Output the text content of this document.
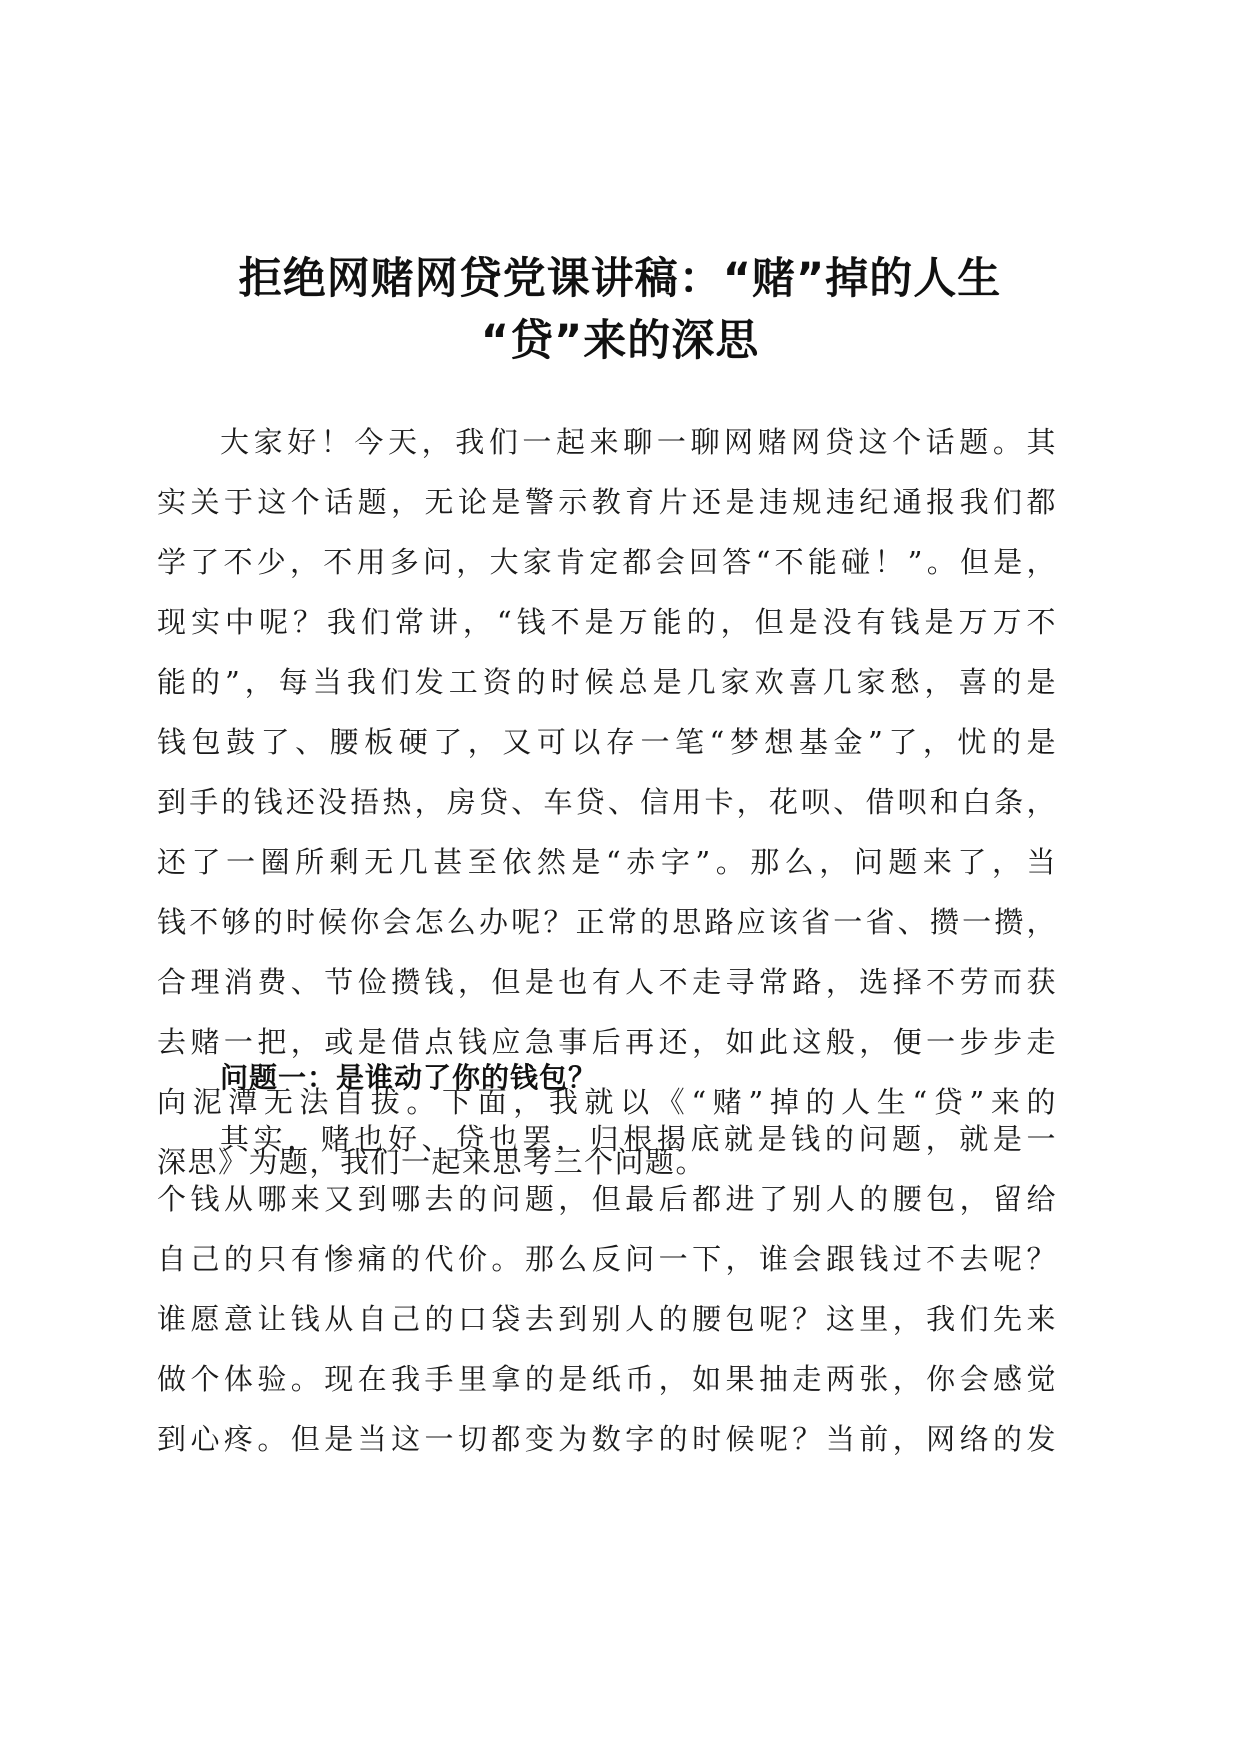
拒绝网赌网贷党课讲稿：“赌”掉的人生
“贷”来的深思
大家好！今天，我们一起来聊一聊网赌网贷这个话题。其
实关于这个话题，无论是警示教育片还是违规违纪通报我们都
学了不少，不用多问，大家肯定都会回答“不能碰！”。但是，
现实中呢？我们常讲，“钱不是万能的，但是没有钱是万万不
能的”，每当我们发工资的时候总是几家欢喜几家愁，喜的是
钱包鼓了、腰板硬了，又可以存一笔“梦想基金”了，忧的是
到手的钱还没捂热，房贷、车贷、信用卡，花呗、借呗和白条，
还了一圈所剩无几甚至依然是“赤字”。那么，问题来了，当
钱不够的时候你会怎么办呢？正常的思路应该省一省、攒一攒，
合理消费、节俭攒钱，但是也有人不走寻常路，选择不劳而获
去赌一把，或是借点钱应急事后再还，如此这般，便一步步走
向泥潭无法自拔。下面，我就以《“赌”掉的人生“贷”来的
深思》为题，我们一起来思考三个问题。
问题一：是谁动了你的钱包？
其实，赌也好、贷也罢，归根揭底就是钱的问题，就是一
个钱从哪来又到哪去的问题，但最后都进了别人的腰包，留给
自己的只有惨痛的代价。那么反问一下，谁会跟钱过不去呢？
谁愿意让钱从自己的口袋去到别人的腰包呢？这里，我们先来
做个体验。现在我手里拿的是纸币，如果抽走两张，你会感觉
到心疼。但是当这一切都变为数字的时候呢？当前，网络的发
